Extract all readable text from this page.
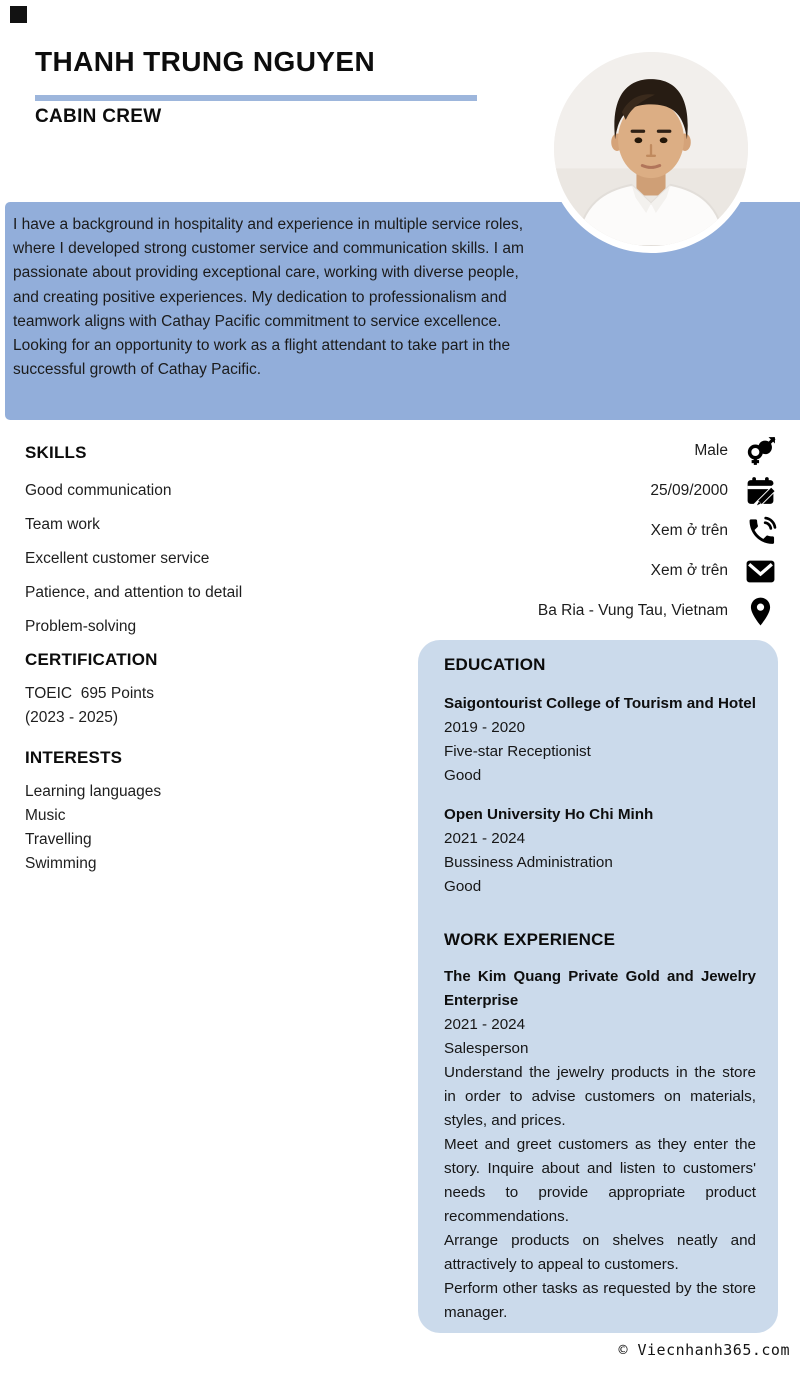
THANH TRUNG NGUYEN
CABIN CREW

I have a background in hospitality and experience in multiple service roles, where I developed strong customer service and communication skills. I am passionate about providing exceptional care, working with diverse people, and creating positive experiences. My dedication to professionalism and teamwork aligns with Cathay Pacific commitment to service excellence.

Looking for an opportunity to work as a flight attendant to take part in the successful growth of Cathay Pacific.

Male
25/09/2000
Xem ở trên
Xem ở trên
Ba Ria - Vung Tau, Vietnam
SKILLS
Good communication
Team work
Excellent customer service
Patience, and attention to detail
Problem-solving
CERTIFICATION
TOEIC  695 Points
(2023 - 2025)
INTERESTS
Learning languages
Music
Travelling
Swimming
EDUCATION
Saigontourist College of Tourism and Hotel
2019 - 2020
Five-star Receptionist
Good
Open University Ho Chi Minh
2021 - 2024
Bussiness Administration
Good
WORK EXPERIENCE
The Kim Quang Private Gold and Jewelry Enterprise
2021 - 2024
Salesperson

Understand the jewelry products in the store in order to advise customers on materials, styles, and prices.

Meet and greet customers as they enter the story. Inquire about and listen to customers' needs to provide appropriate product recommendations.

Arrange products on shelves neatly and attractively to appeal to customers.

Perform other tasks as requested by the store manager.

© Viecnhanh365.com
